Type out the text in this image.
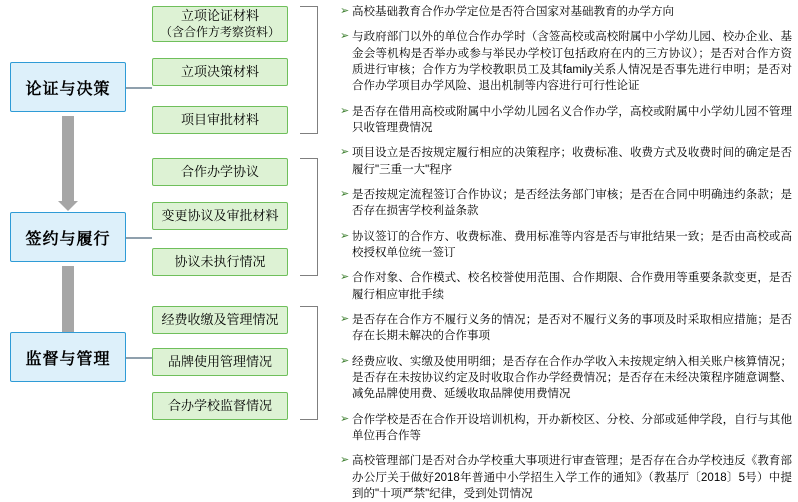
论证与决策
签约与履行
监督与管理
立项论证材料
（含合作方考察资料）
立项决策材料
项目审批材料
合作办学协议
变更协议及审批材料
协议未执行情况
经费收缴及管理情况
品牌使用管理情况
合办学校监督情况
➢ 高校基础教育合作办学定位是否符合国家对基础教育的办学方向
➢ 与政府部门以外的单位合作办学时（含签高校或高校附属中小学幼儿园、校办企业、基金会等机构是否举办或参与举民办学校订包括政府在内的三方协议）；是否对合作方资质进行审核；合作方为学校教职员工及其family关系人情况是否事先进行申明；是否对合作办学项目办学风险、退出机制等内容进行可行性论证
➢ 是否存在借用高校或附属中小学幼儿园名义合作办学，高校或附属中小学幼儿园不管理只收管理费情况
➢ 项目设立是否按规定履行相应的决策程序；收费标准、收费方式及收费时间的确定是否履行"三重一大"程序
➢ 是否按规定流程签订合作协议；是否经法务部门审核；是否在合同中明确违约条款；是否存在损害学校利益条款
➢ 协议签订的合作方、收费标准、费用标准等内容是否与审批结果一致；是否由高校或高校授权单位统一签订
➢ 合作对象、合作模式、校名校誉使用范围、合作期限、合作费用等重要条款变更，是否履行相应审批手续
➢ 是否存在合作方不履行义务的情况；是否对不履行义务的事项及时采取相应措施；是否存在长期未解决的合作事项
➢ 经费应收、实缴及使用明细；是否存在合作办学收入未按规定纳入相关账户核算情况；是否存在未按协议约定及时收取合作办学经费情况；是否存在未经决策程序随意调整、减免品牌使用费、延缓收取品牌使用费情况
➢ 合作学校是否在合作开设培训机构，开办新校区、分校、分部或延伸学段，自行与其他单位再合作等
➢ 高校管理部门是否对合办学校重大事项进行审查管理；是否存在合办学校违反《教育部办公厅关于做好2018年普通中小学招生入学工作的通知》（教基厅〔2018〕5号）中提到的"十项严禁"纪律，受到处罚情况
